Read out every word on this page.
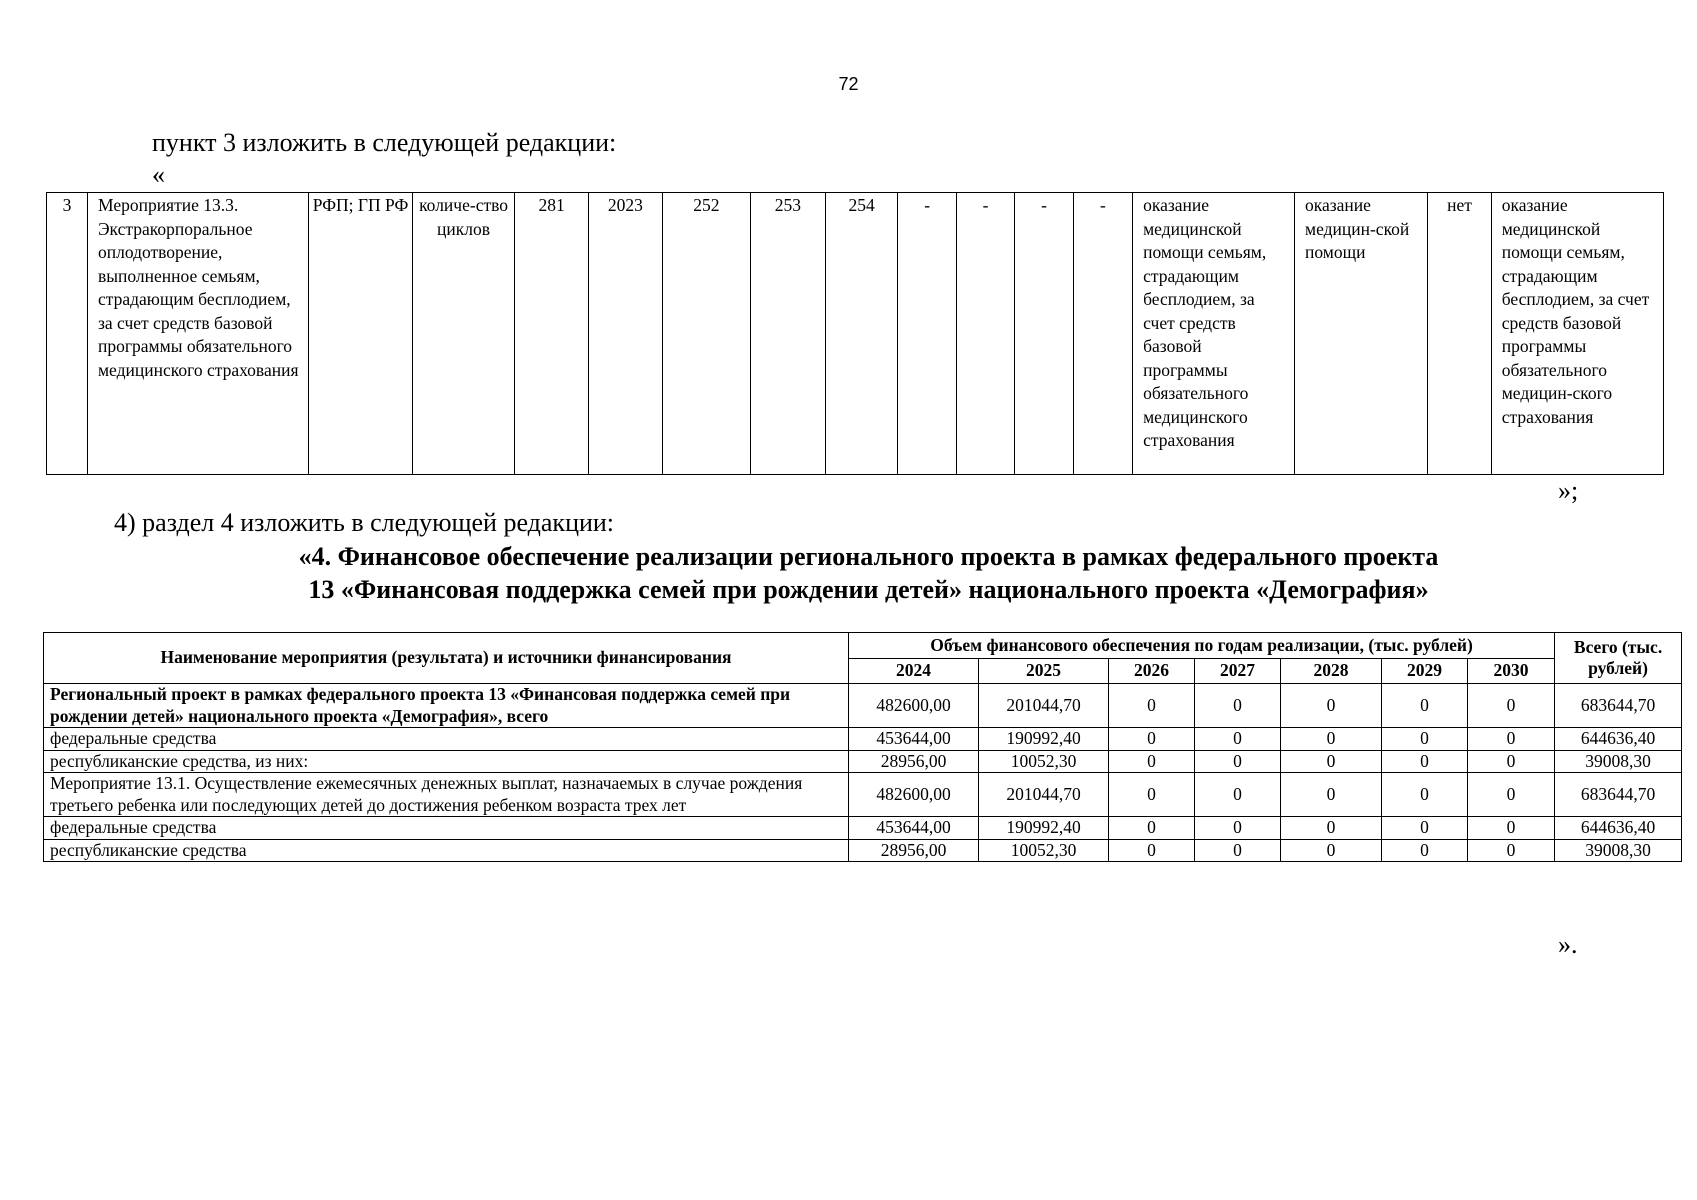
72
пункт 3 изложить в следующей редакции:
«
3	Мероприятие 13.3. Экстракорпоральное оплодотворение, выполненное семьям, страдающим бесплодием, за счет средств базовой программы обязательного медицинского страхования	РФП; ГП РФ	количе-ство циклов	281	2023	252	253	254	-	-	-	-	оказание медицинской помощи семьям, страдающим бесплодием, за счет средств базовой программы обязательного медицинского страхования	оказание медицин-ской помощи	нет	оказание медицинской помощи семьям, страдающим бесплодием, за счет средств базовой программы обязательного медицин-ского страхования
»;
4) раздел 4 изложить в следующей редакции:
«4. Финансовое обеспечение реализации регионального проекта в рамках федерального проекта
13 «Финансовая поддержка семей при рождении детей» национального проекта «Демография»
Наименование мероприятия (результата) и источники финансирования	Объем финансового обеспечения по годам реализации, (тыс. рублей)							Всего (тыс. рублей)
	2024	2025	2026	2027	2028	2029	2030	
Региональный проект в рамках федерального проекта 13 «Финансовая поддержка семей при рождении детей» национального проекта «Демография», всего	482600,00	201044,70	0	0	0	0	0	683644,70
федеральные средства	453644,00	190992,40	0	0	0	0	0	644636,40
республиканские средства, из них:	28956,00	10052,30	0	0	0	0	0	39008,30
Мероприятие 13.1. Осуществление ежемесячных денежных выплат, назначаемых в случае рождения третьего ребенка или последующих детей до достижения ребенком возраста трех лет	482600,00	201044,70	0	0	0	0	0	683644,70
федеральные средства	453644,00	190992,40	0	0	0	0	0	644636,40
республиканские средства	28956,00	10052,30	0	0	0	0	0	39008,30
».
